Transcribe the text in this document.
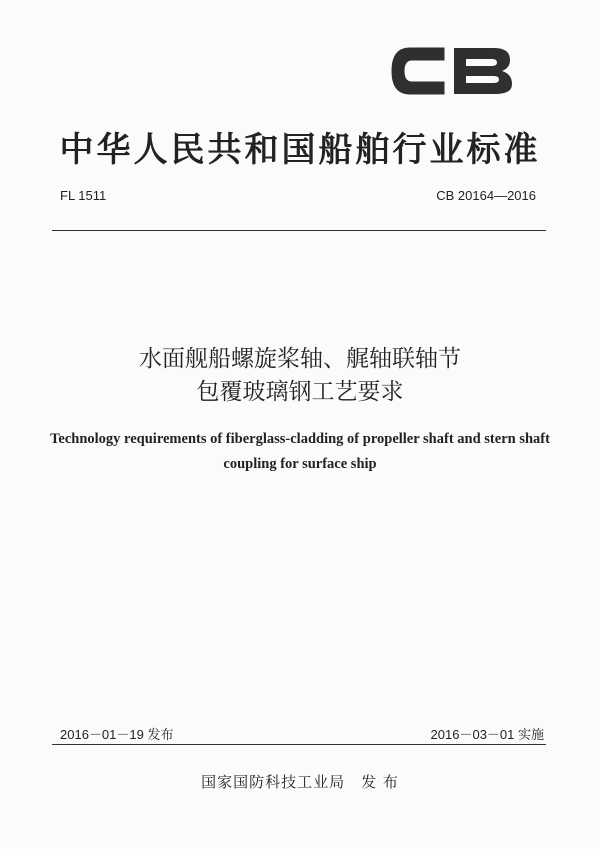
中华人民共和国船舶行业标准
FL 1511	CB 20164—2016
水面舰船螺旋桨轴、艉轴联轴节
包覆玻璃钢工艺要求
Technology requirements of fiberglass-cladding of propeller shaft and stern shaft
coupling for surface ship
2016－01－19 发布	2016－03－01 实施
国家国防科技工业局　发 布
